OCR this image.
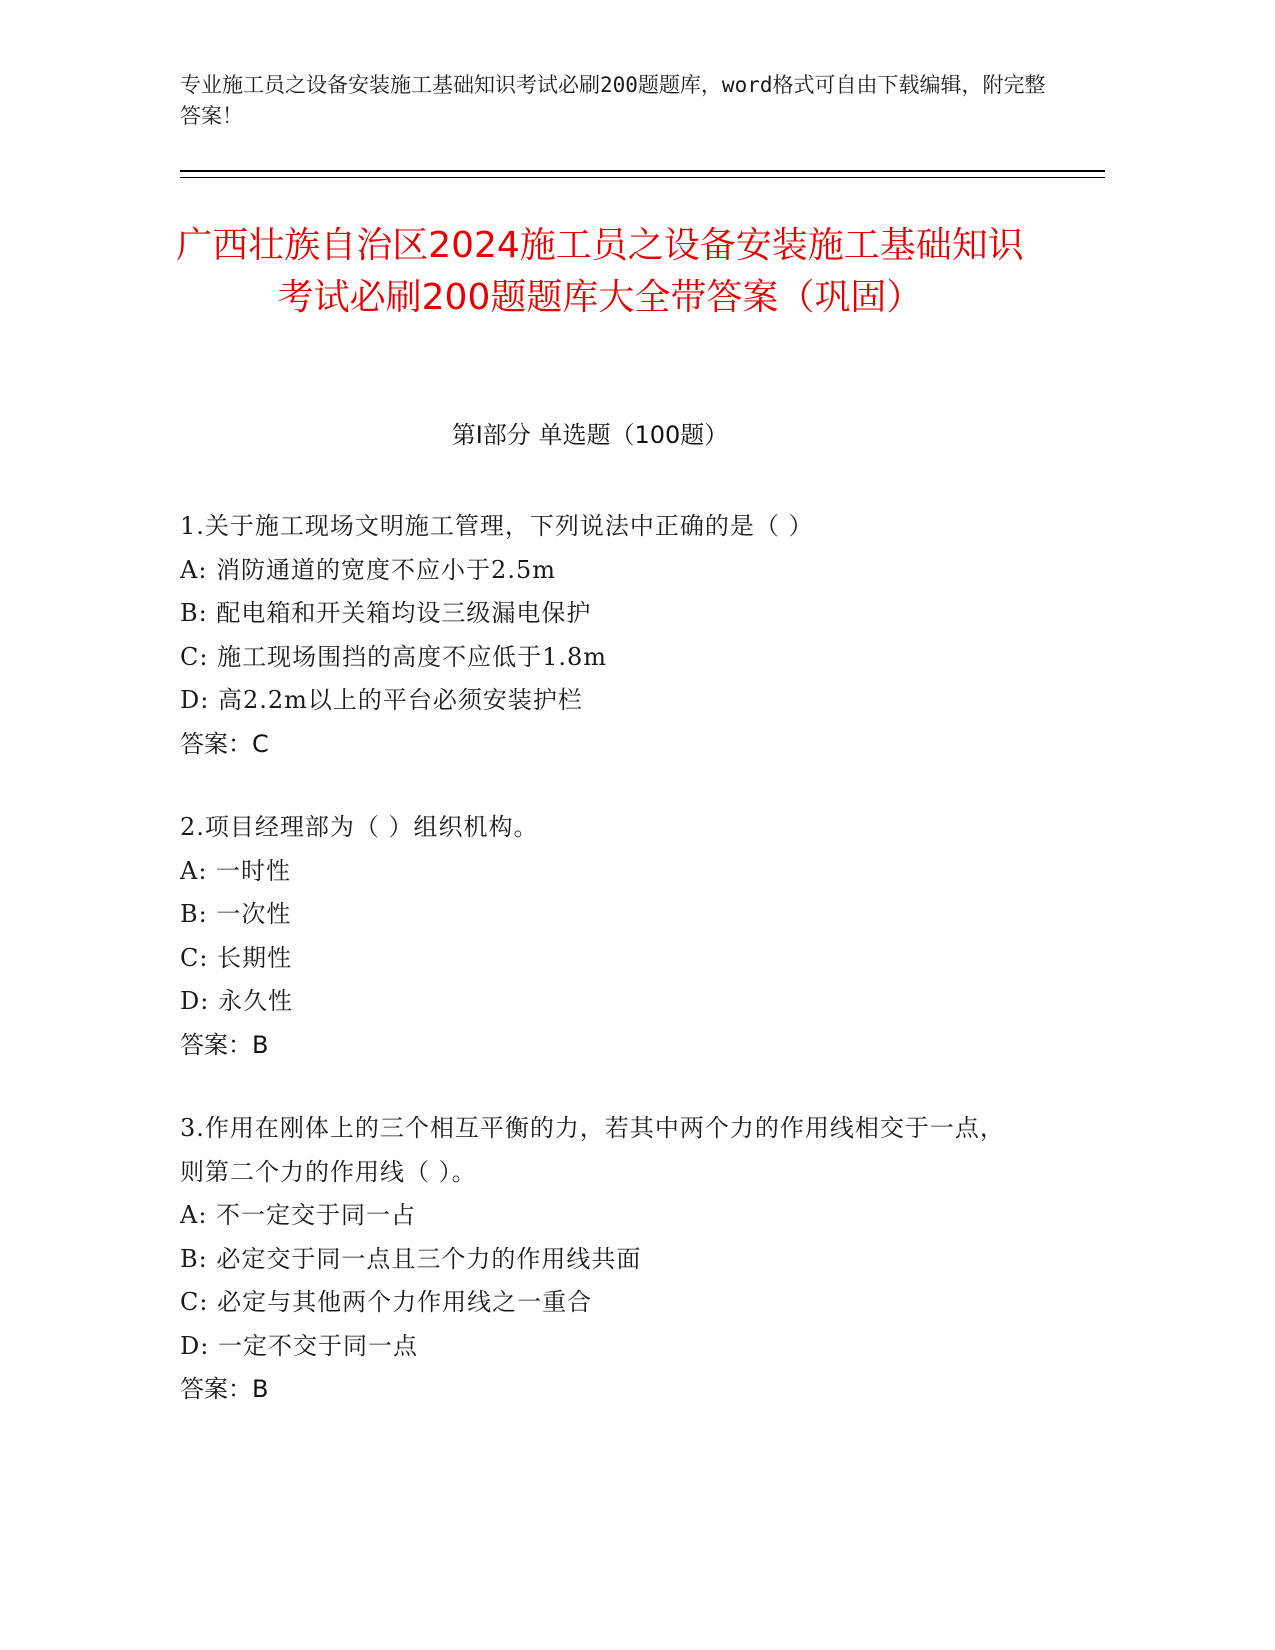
专业施工员之设备安装施工基础知识考试必刷200题题库，word格式可自由下载编辑，附完整答案！
广西壮族自治区2024施工员之设备安装施工基础知识考试必刷200题题库大全带答案（巩固）
第I部分 单选题（100题）
1.关于施工现场文明施工管理，下列说法中正确的是（ ）
A: 消防通道的宽度不应小于2.5m
B: 配电箱和开关箱均设三级漏电保护
C: 施工现场围挡的高度不应低于1.8m
D: 高2.2m以上的平台必须安装护栏
答案：C
2.项目经理部为（ ）组织机构。
A: 一时性
B: 一次性
C: 长期性
D: 永久性
答案：B
3.作用在刚体上的三个相互平衡的力，若其中两个力的作用线相交于一点，则第二个力的作用线（ ）。
A: 不一定交于同一占
B: 必定交于同一点且三个力的作用线共面
C: 必定与其他两个力作用线之一重合
D: 一定不交于同一点
答案：B
